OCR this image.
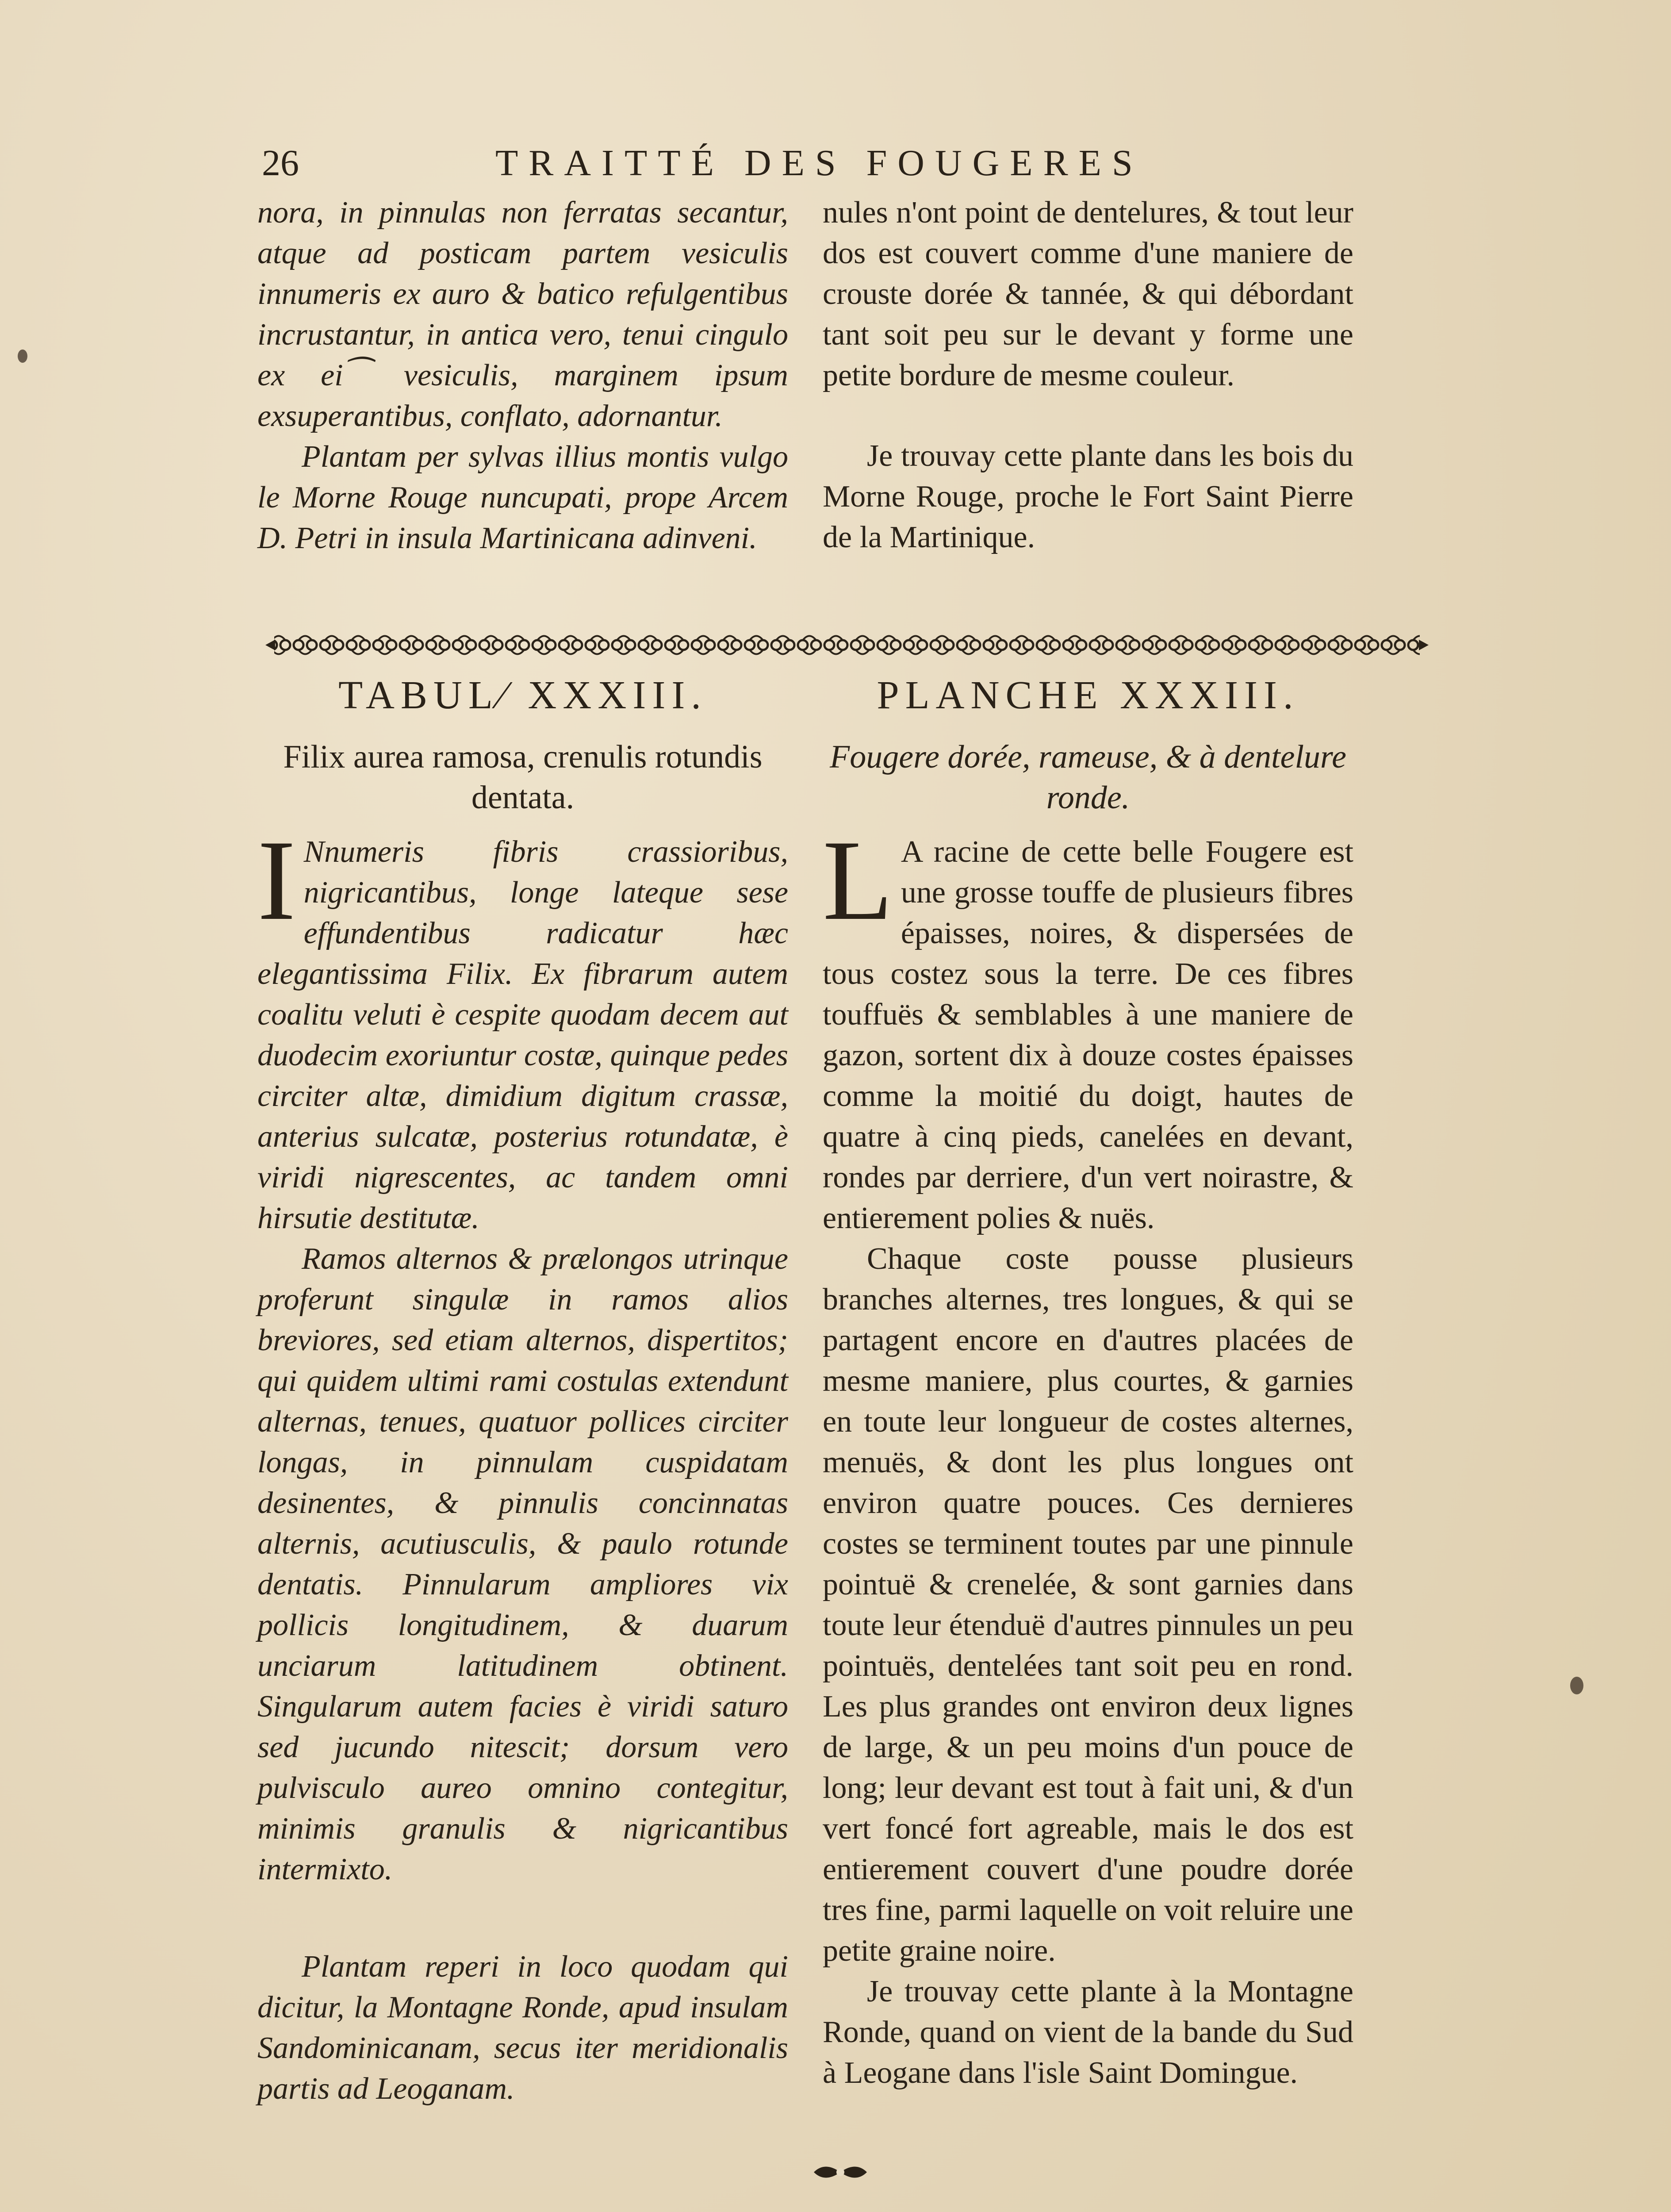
26	TRAITTÉ DES FOUGERES

nora, in pinnulas non ferratas secantur, atque ad posticam partem vesiculis innumeris ex auro & batico refulgentibus incrustantur, in antica vero, tenui cingulo ex ei⁀ vesiculis, marginem ipsum exsuperantibus, conflato, adornantur.

Plantam per sylvas illius montis vulgo le Morne Rouge nuncupati, prope Arcem D. Petri in insula Martinicana adinveni.

nules n'ont point de dentelures, & tout leur dos est couvert comme d'une maniere de crouste dorée & tannée, & qui débordant tant soit peu sur le devant y forme une petite bordure de mesme couleur.

Je trouvay cette plante dans les bois du Morne Rouge, proche le Fort Saint Pierre de la Martinique.

TABUL⁄ XXXIII.	PLANCHE XXXIII.
Filix aurea ramosa, crenulis rotundis dentata.
Fougere dorée, rameuse, & à dentelure ronde.

I Nnumeris fibris crassioribus, nigricantibus, longe lateque sese effundentibus radicatur hæc elegantissima Filix. Ex fibrarum autem coalitu veluti è cespite quodam decem aut duodecim exoriuntur costæ, quinque pedes circiter altæ, dimidium digitum crassæ, anterius sulcatæ, posterius rotundatæ, è viridi nigrescentes, ac tandem omni hirsutie destitutæ.

Ramos alternos & prælongos utrinque proferunt singulæ in ramos alios breviores, sed etiam alternos, dispertitos; qui quidem ultimi rami costulas extendunt alternas, tenues, quatuor pollices circiter longas, in pinnulam cuspidatam desinentes, & pinnulis concinnatas alternis, acutiusculis, & paulo rotunde dentatis. Pinnularum ampliores vix pollicis longitudinem, & duarum unciarum latitudinem obtinent. Singularum autem facies è viridi saturo sed jucundo nitescit; dorsum vero pulvisculo aureo omnino contegitur, minimis granulis & nigricantibus intermixto.

Plantam reperi in loco quodam qui dicitur, la Montagne Ronde, apud insulam Sandominicanam, secus iter meridionalis partis ad Leoganam.

L A racine de cette belle Fougere est une grosse touffe de plusieurs fibres épaisses, noires, & dispersées de tous costez sous la terre. De ces fibres touffuës & semblables à une maniere de gazon, sortent dix à douze costes épaisses comme la moitié du doigt, hautes de quatre à cinq pieds, canelées en devant, rondes par derriere, d'un vert noirastre, & entierement polies & nuës.

Chaque coste pousse plusieurs branches alternes, tres longues, & qui se partagent encore en d'autres placées de mesme maniere, plus courtes, & garnies en toute leur longueur de costes alternes, menuës, & dont les plus longues ont environ quatre pouces. Ces dernieres costes se terminent toutes par une pinnule pointuë & crenelée, & sont garnies dans toute leur étenduë d'autres pinnules un peu pointuës, dentelées tant soit peu en rond. Les plus grandes ont environ deux lignes de large, & un peu moins d'un pouce de long; leur devant est tout à fait uni, & d'un vert foncé fort agreable, mais le dos est entierement couvert d'une poudre dorée tres fine, parmi laquelle on voit reluire une petite graine noire.

Je trouvay cette plante à la Montagne Ronde, quand on vient de la bande du Sud à Leogane dans l'isle Saint Domingue.
